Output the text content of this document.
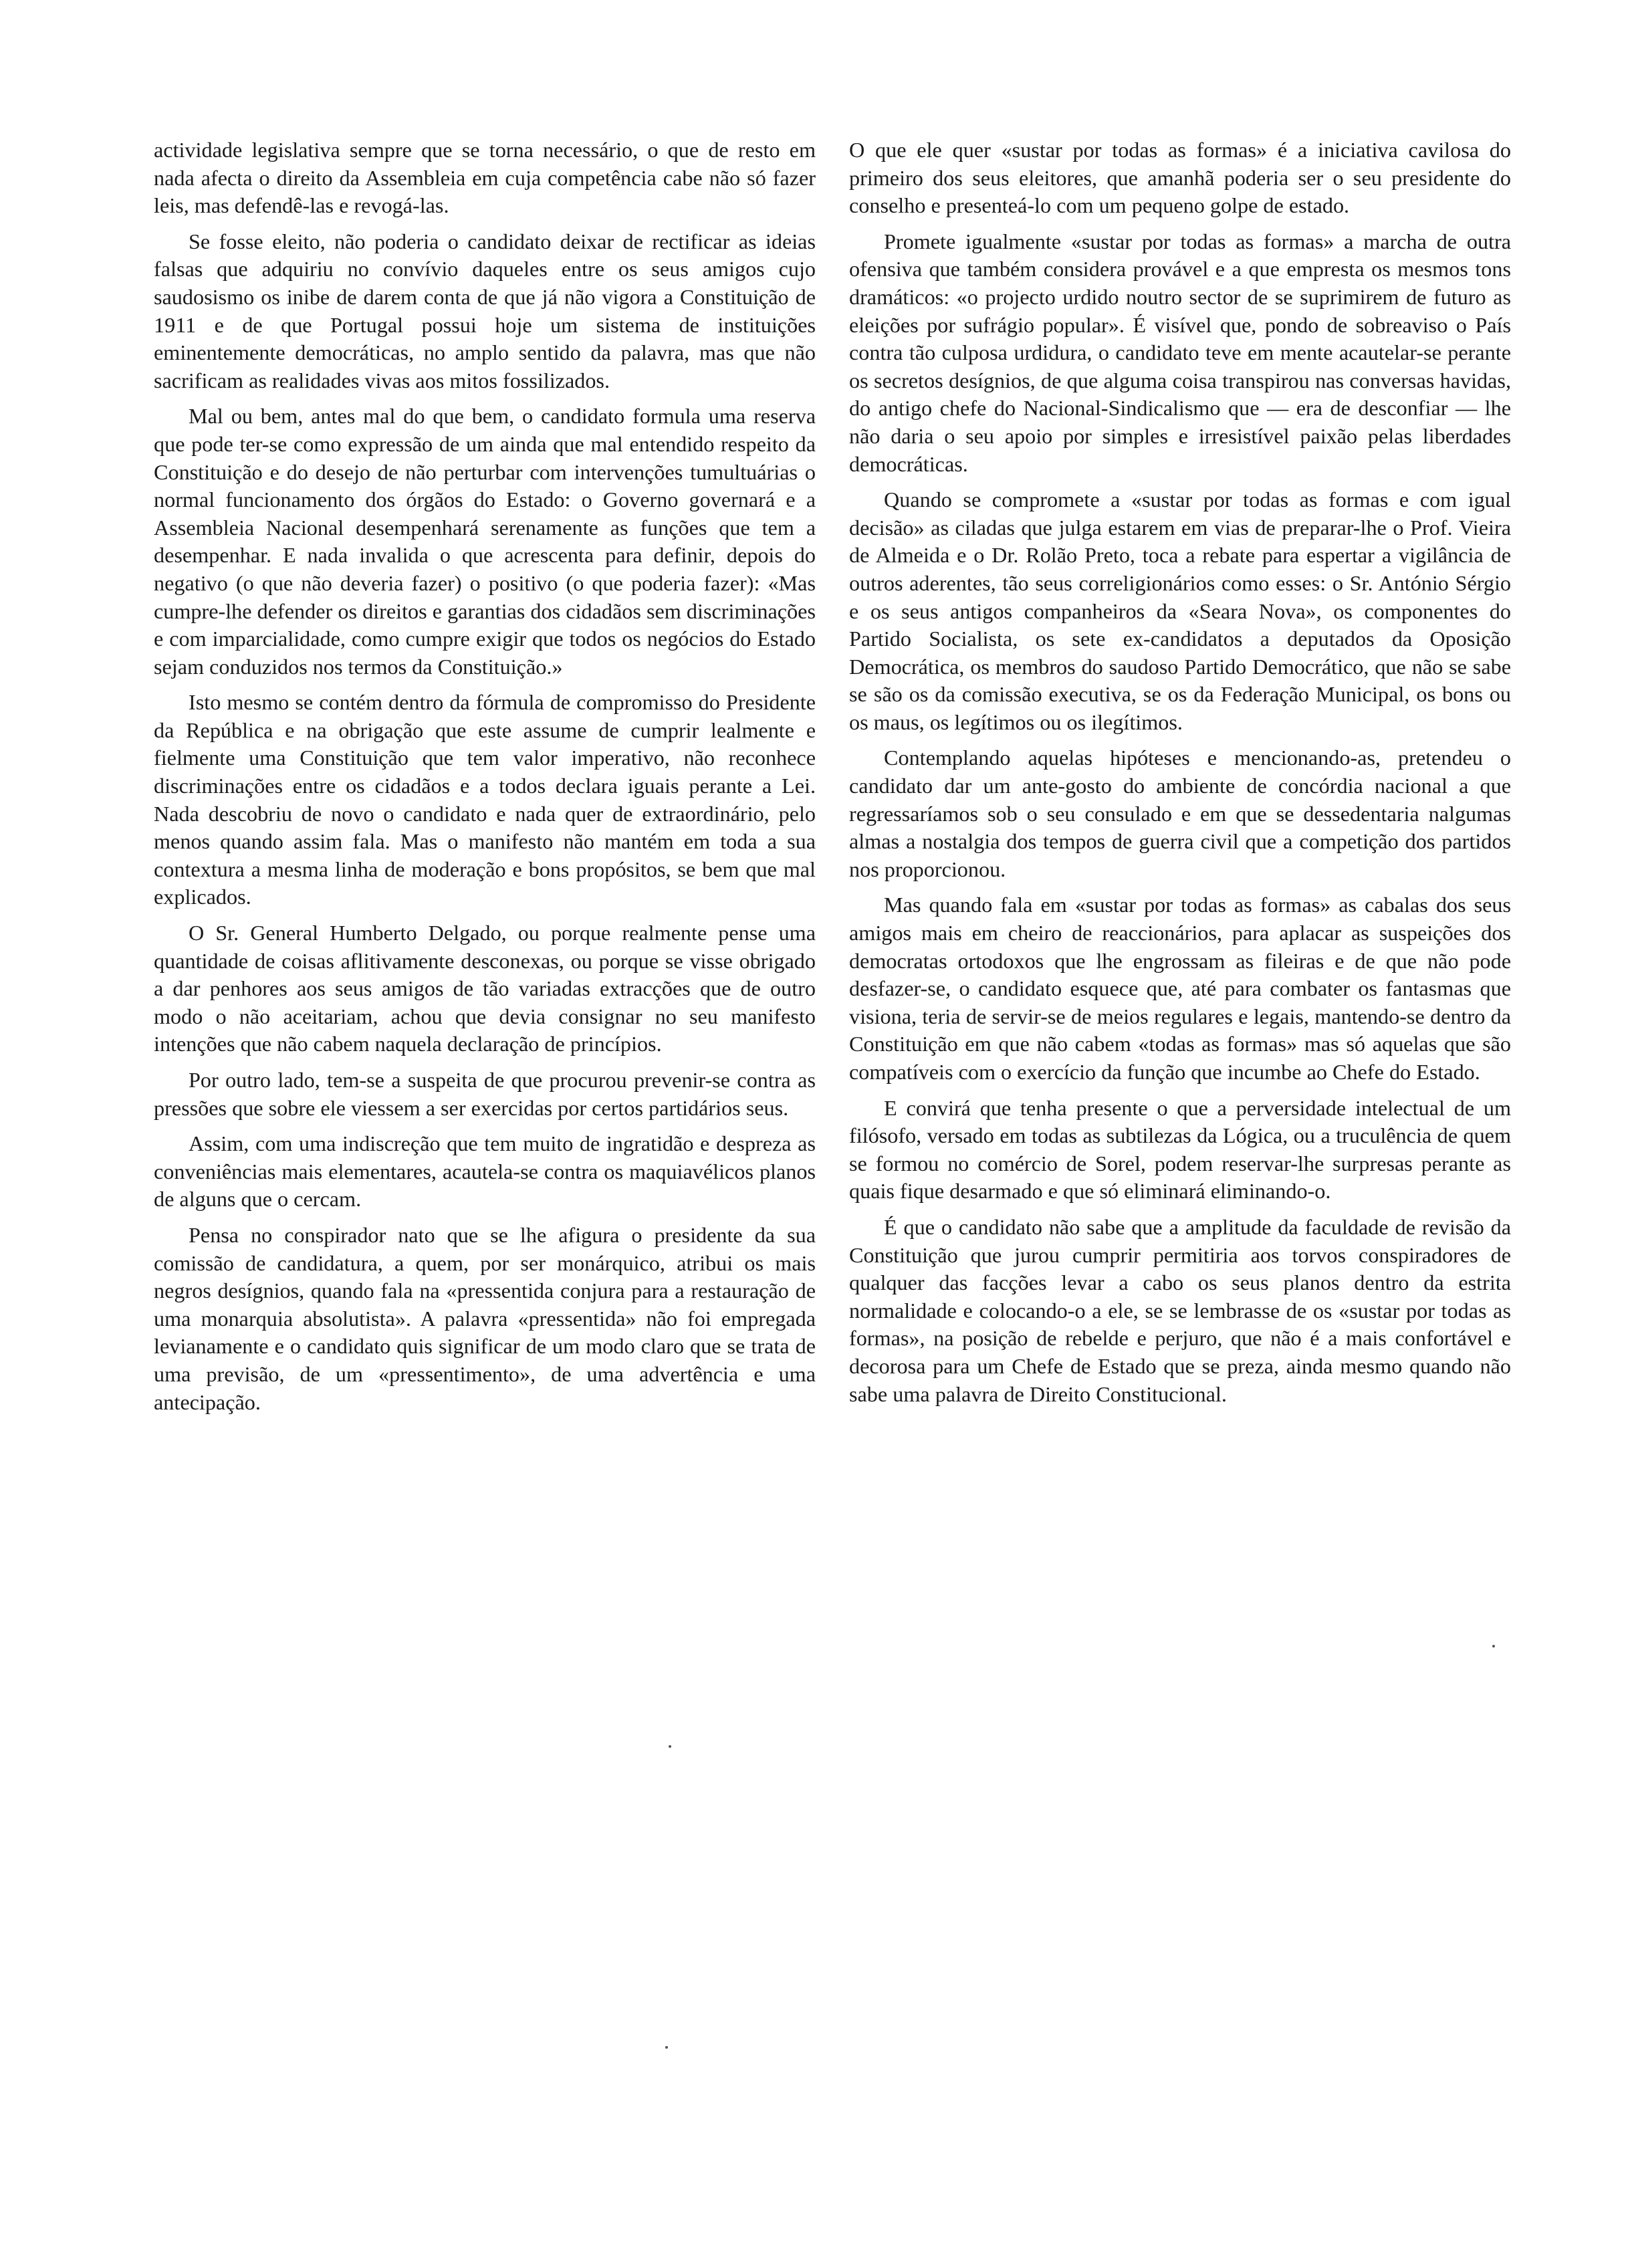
actividade legislativa sempre que se torna necessário, o que de resto em nada afecta o direito da Assembleia em cuja competência cabe não só fazer leis, mas defendê-las e revogá-las.

Se fosse eleito, não poderia o candidato deixar de rectificar as ideias falsas que adquiriu no convívio daqueles entre os seus amigos cujo saudosismo os inibe de darem conta de que já não vigora a Constituição de 1911 e de que Portugal possui hoje um sistema de instituições eminentemente democráticas, no amplo sentido da palavra, mas que não sacrificam as realidades vivas aos mitos fossilizados.

Mal ou bem, antes mal do que bem, o candidato formula uma reserva que pode ter-se como expressão de um ainda que mal entendido respeito da Constituição e do desejo de não perturbar com intervenções tumultuárias o normal funcionamento dos órgãos do Estado: o Governo governará e a Assembleia Nacional desempenhará serenamente as funções que tem a desempenhar. E nada invalida o que acrescenta para definir, depois do negativo (o que não deveria fazer) o positivo (o que poderia fazer): «Mas cumpre-lhe defender os direitos e garantias dos cidadãos sem discriminações e com imparcialidade, como cumpre exigir que todos os negócios do Estado sejam conduzidos nos termos da Constituição.»

Isto mesmo se contém dentro da fórmula de compromisso do Presidente da República e na obrigação que este assume de cumprir lealmente e fielmente uma Constituição que tem valor imperativo, não reconhece discriminações entre os cidadãos e a todos declara iguais perante a Lei. Nada descobriu de novo o candidato e nada quer de extraordinário, pelo menos quando assim fala. Mas o manifesto não mantém em toda a sua contextura a mesma linha de moderação e bons propósitos, se bem que mal explicados.

O Sr. General Humberto Delgado, ou porque realmente pense uma quantidade de coisas aflitivamente desconexas, ou porque se visse obrigado a dar penhores aos seus amigos de tão variadas extracções que de outro modo o não aceitariam, achou que devia consignar no seu manifesto intenções que não cabem naquela declaração de princípios.

Por outro lado, tem-se a suspeita de que procurou prevenir-se contra as pressões que sobre ele viessem a ser exercidas por certos partidários seus.

Assim, com uma indiscreção que tem muito de ingratidão e despreza as conveniências mais elementares, acautela-se contra os maquiavélicos planos de alguns que o cercam.

Pensa no conspirador nato que se lhe afigura o presidente da sua comissão de candidatura, a quem, por ser monárquico, atribui os mais negros desígnios, quando fala na «pressentida conjura para a restauração de uma monarquia absolutista». A palavra «pressentida» não foi empregada levianamente e o candidato quis significar de um modo claro que se trata de uma previsão, de um «pressentimento», de uma advertência e uma antecipação.

O que ele quer «sustar por todas as formas» é a iniciativa cavilosa do primeiro dos seus eleitores, que amanhã poderia ser o seu presidente do conselho e presenteá-lo com um pequeno golpe de estado.

Promete igualmente «sustar por todas as formas» a marcha de outra ofensiva que também considera provável e a que empresta os mesmos tons dramáticos: «o projecto urdido noutro sector de se suprimirem de futuro as eleições por sufrágio popular». É visível que, pondo de sobreaviso o País contra tão culposa urdidura, o candidato teve em mente acautelar-se perante os secretos desígnios, de que alguma coisa transpirou nas conversas havidas, do antigo chefe do Nacional-Sindicalismo que — era de desconfiar — lhe não daria o seu apoio por simples e irresistível paixão pelas liberdades democráticas.

Quando se compromete a «sustar por todas as formas e com igual decisão» as ciladas que julga estarem em vias de preparar-lhe o Prof. Vieira de Almeida e o Dr. Rolão Preto, toca a rebate para espertar a vigilância de outros aderentes, tão seus correligionários como esses: o Sr. António Sérgio e os seus antigos companheiros da «Seara Nova», os componentes do Partido Socialista, os sete ex-candidatos a deputados da Oposição Democrática, os membros do saudoso Partido Democrático, que não se sabe se são os da comissão executiva, se os da Federação Municipal, os bons ou os maus, os legítimos ou os ilegítimos.

Contemplando aquelas hipóteses e mencionando-as, pretendeu o candidato dar um ante-gosto do ambiente de concórdia nacional a que regressaríamos sob o seu consulado e em que se dessedentaria nalgumas almas a nostalgia dos tempos de guerra civil que a competição dos partidos nos proporcionou.

Mas quando fala em «sustar por todas as formas» as cabalas dos seus amigos mais em cheiro de reaccionários, para aplacar as suspeições dos democratas ortodoxos que lhe engrossam as fileiras e de que não pode desfazer-se, o candidato esquece que, até para combater os fantasmas que visiona, teria de servir-se de meios regulares e legais, mantendo-se dentro da Constituição em que não cabem «todas as formas» mas só aquelas que são compatíveis com o exercício da função que incumbe ao Chefe do Estado.

E convirá que tenha presente o que a perversidade intelectual de um filósofo, versado em todas as subtilezas da Lógica, ou a truculência de quem se formou no comércio de Sorel, podem reservar-lhe surpresas perante as quais fique desarmado e que só eliminará eliminando-o.

É que o candidato não sabe que a amplitude da faculdade de revisão da Constituição que jurou cumprir permitiria aos torvos conspiradores de qualquer das facções levar a cabo os seus planos dentro da estrita normalidade e colocando-o a ele, se se lembrasse de os «sustar por todas as formas», na posição de rebelde e perjuro, que não é a mais confortável e decorosa para um Chefe de Estado que se preza, ainda mesmo quando não sabe uma palavra de Direito Constitucional.
